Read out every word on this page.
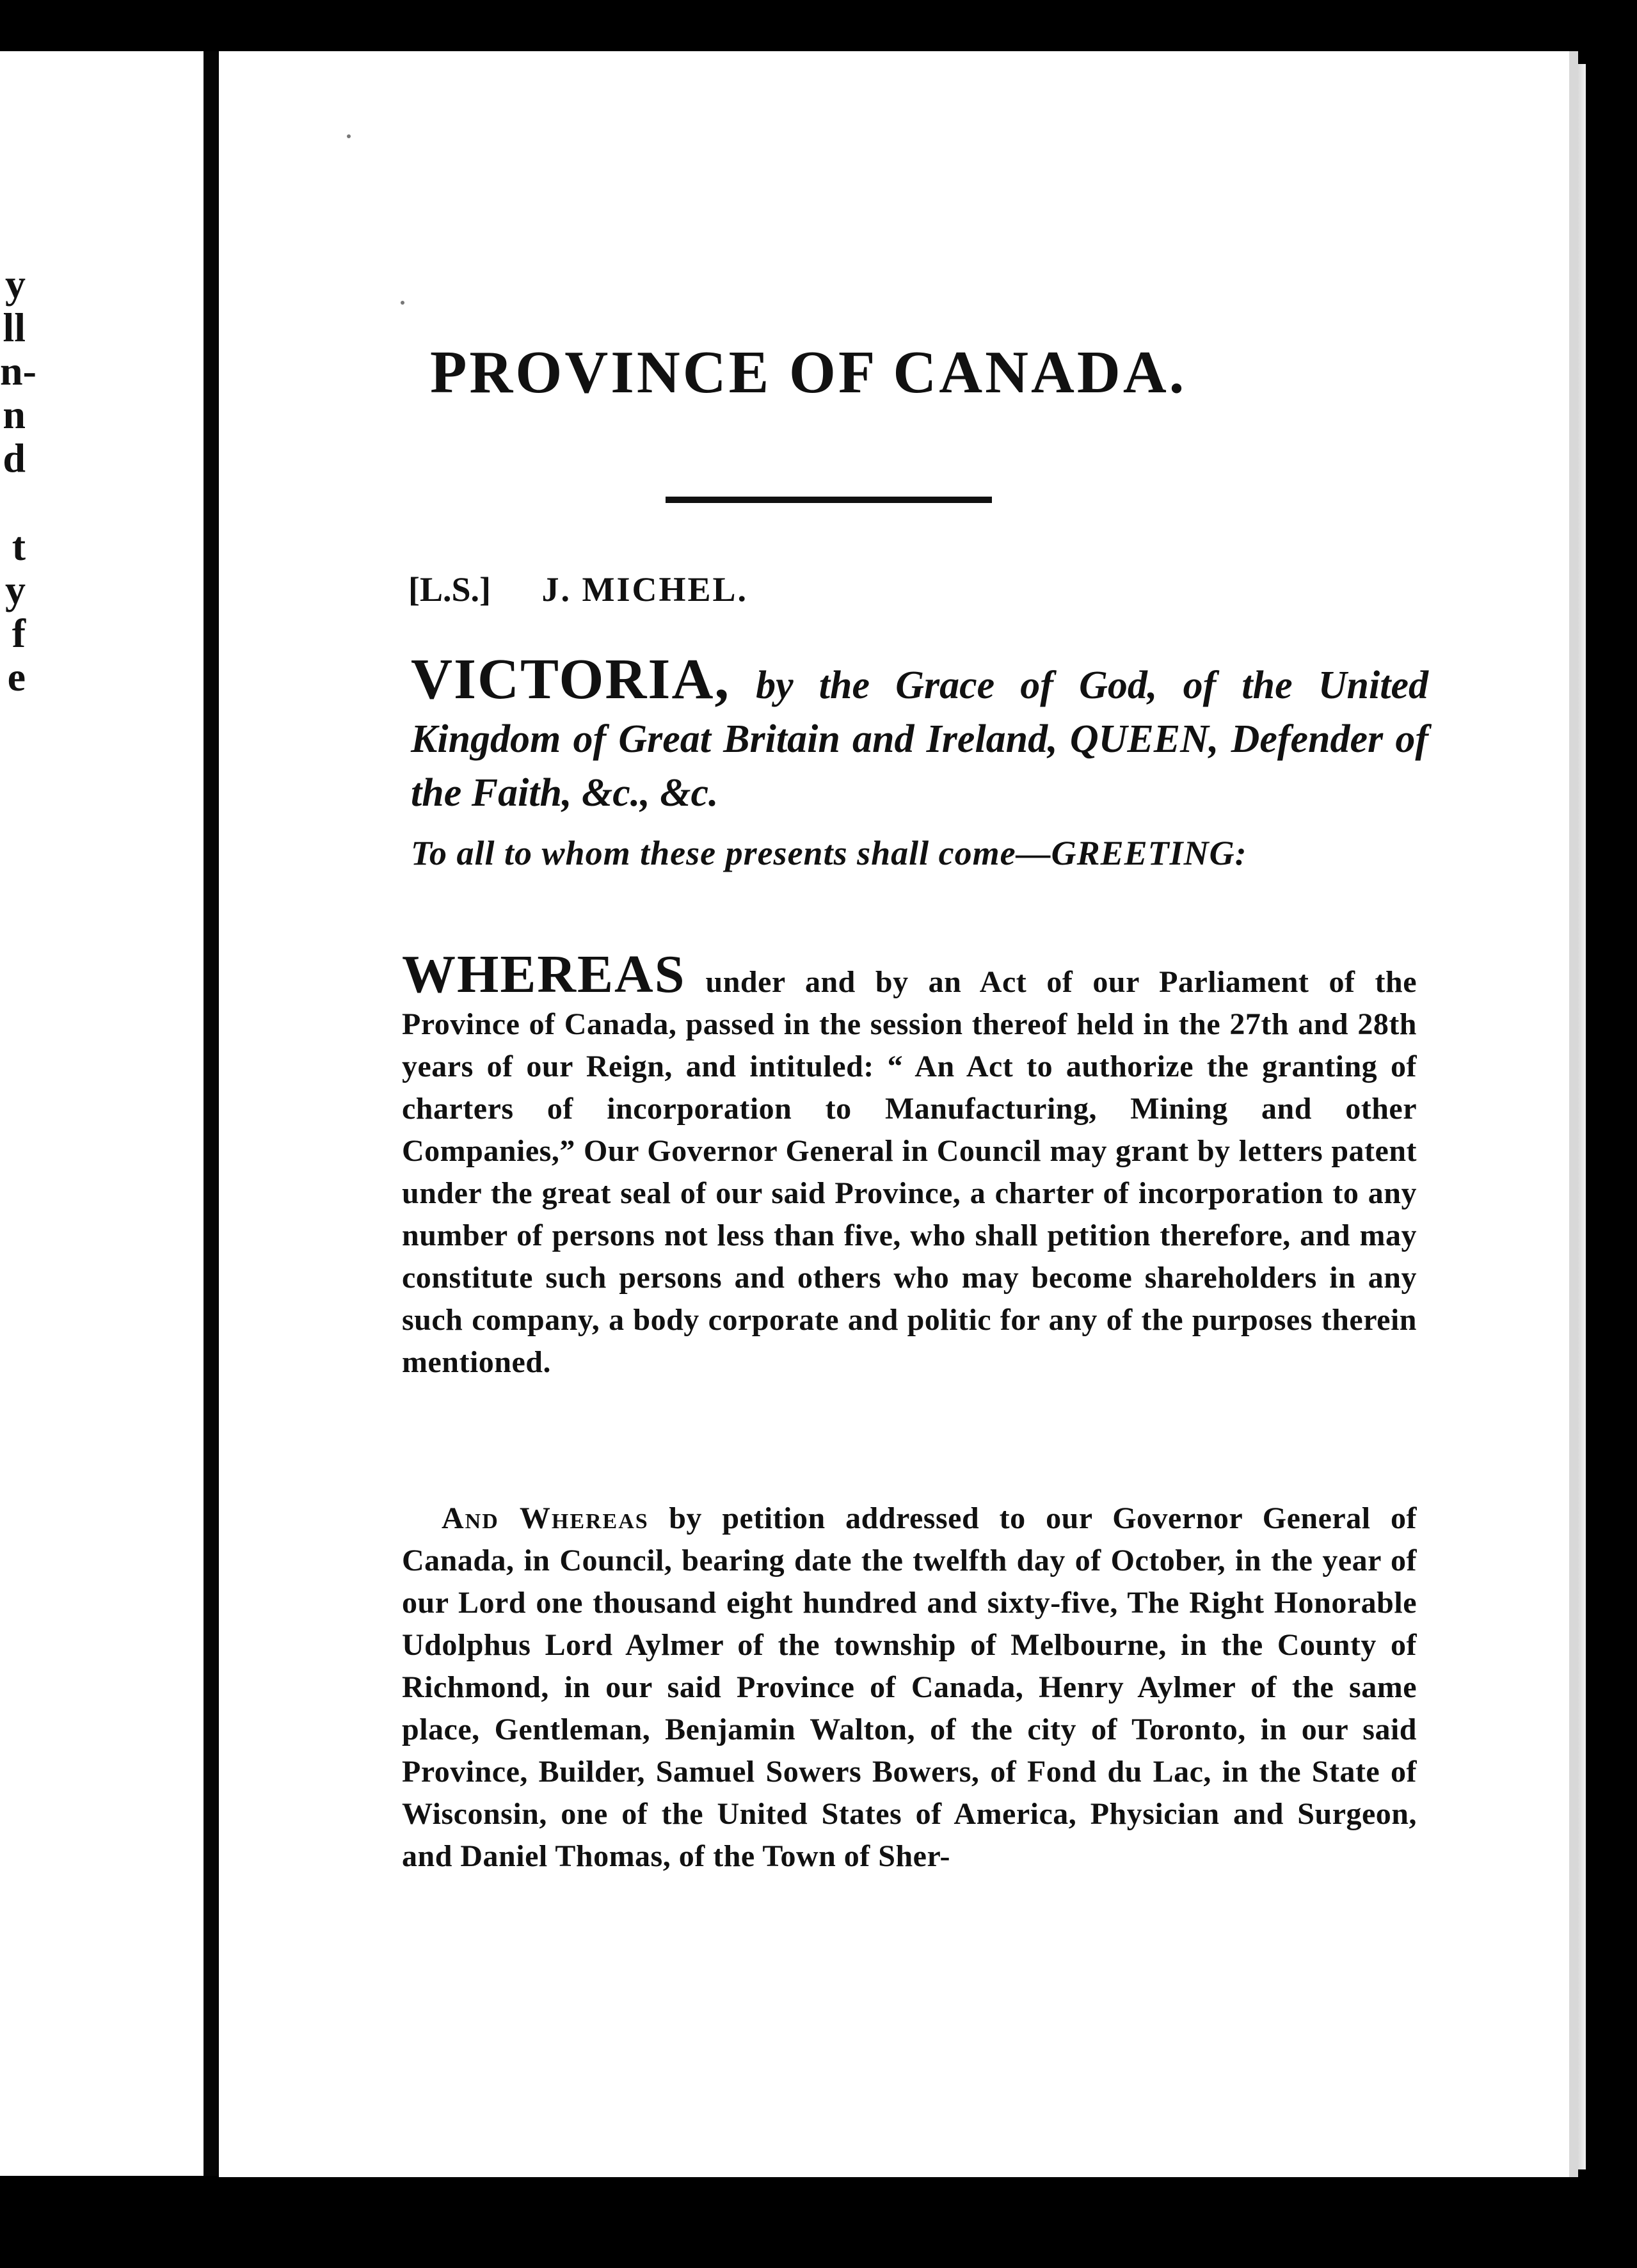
y
ll
n-
n
d
t
y
f
e
PROVINCE OF CANADA.
[L.S.] J. MICHEL.
VICTORIA, by the Grace of God, of the United Kingdom of Great Britain and Ireland, QUEEN, Defender of the Faith, &c., &c.
To all to whom these presents shall come—GREETING:
WHEREAS under and by an Act of our Parliament of the Province of Canada, passed in the session thereof held in the 27th and 28th years of our Reign, and intituled: “ An Act to authorize the granting of charters of incorporation to Manufacturing, Mining and other Companies,” Our Governor General in Council may grant by letters patent under the great seal of our said Province, a charter of incorporation to any number of persons not less than five, who shall petition therefore, and may constitute such persons and others who may become shareholders in any such company, a body corporate and politic for any of the purposes therein mentioned.
And Whereas by petition addressed to our Governor General of Canada, in Council, bearing date the twelfth day of October, in the year of our Lord one thousand eight hundred and sixty-five, The Right Honorable Udolphus Lord Aylmer of the township of Melbourne, in the County of Richmond, in our said Province of Canada, Henry Aylmer of the same place, Gentleman, Benjamin Walton, of the city of Toronto, in our said Province, Builder, Samuel Sowers Bowers, of Fond du Lac, in the State of Wisconsin, one of the United States of America, Physician and Surgeon, and Daniel Thomas, of the Town of Sher-
